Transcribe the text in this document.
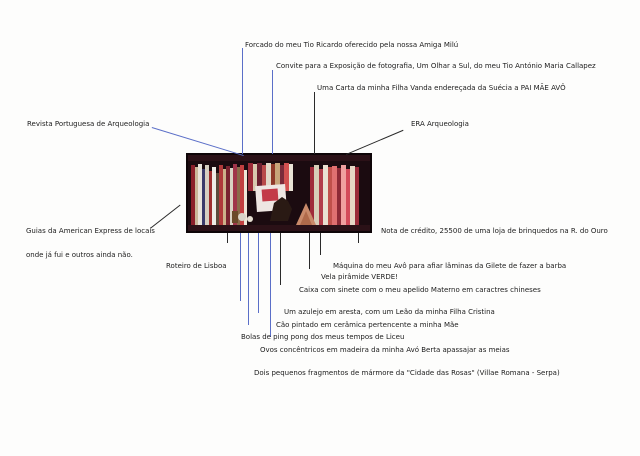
Forcado do meu Tio Ricardo oferecido pela nossa Amiga Milú
Convite para a Exposição de fotografia, Um Olhar a Sul, do meu Tio António Maria Callapez
Uma Carta da minha Filha Vanda endereçada da Suécia a PAI MÃE AVÔ
Revista Portuguesa de Arqueologia	ERA Arqueologia
Guias da American Express de locais
onde já fui e outros ainda não.
Roteiro de Lisboa
Nota de crédito, 25500 de uma loja de brinquedos na R. do Ouro
Máquina do meu Avô para afiar lâminas da Gilete de fazer a barba
Vela pirâmide VERDE!
Caixa com sinete com o meu apelido Materno em caractres chineses
Um azulejo em aresta, com um Leão da minha Filha Cristina
Cão pintado em cerâmica pertencente a minha Mãe
Bolas de ping pong dos meus tempos de Liceu
Ovos concêntricos em madeira da minha Avó Berta apassajar as meias
Dois pequenos fragmentos de mármore da "Cidade das Rosas" (Villae Romana - Serpa)
